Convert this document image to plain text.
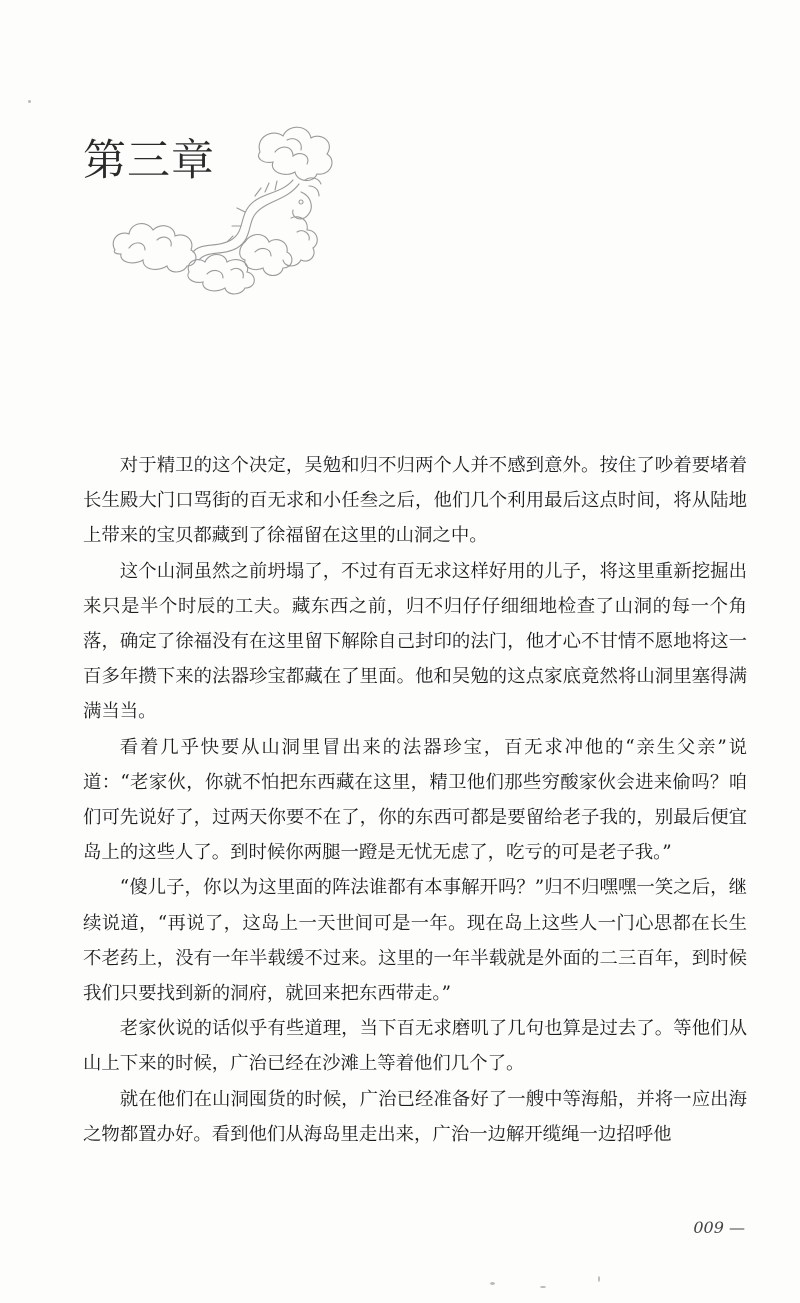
第三章

对于精卫的这个决定，吴勉和归不归两个人并不感到意外。按住了吵着要堵着长生殿大门口骂街的百无求和小任叁之后，他们几个利用最后这点时间，将从陆地上带来的宝贝都藏到了徐福留在这里的山洞之中。

这个山洞虽然之前坍塌了，不过有百无求这样好用的儿子，将这里重新挖掘出来只是半个时辰的工夫。藏东西之前，归不归仔仔细细地检查了山洞的每一个角落，确定了徐福没有在这里留下解除自己封印的法门，他才心不甘情不愿地将这一百多年攒下来的法器珍宝都藏在了里面。他和吴勉的这点家底竟然将山洞里塞得满满当当。

看着几乎快要从山洞里冒出来的法器珍宝，百无求冲他的“亲生父亲”说道：“老家伙，你就不怕把东西藏在这里，精卫他们那些穷酸家伙会进来偷吗？咱们可先说好了，过两天你要不在了，你的东西可都是要留给老子我的，别最后便宜岛上的这些人了。到时候你两腿一蹬是无忧无虑了，吃亏的可是老子我。”

“傻儿子，你以为这里面的阵法谁都有本事解开吗？”归不归嘿嘿一笑之后，继续说道，“再说了，这岛上一天世间可是一年。现在岛上这些人一门心思都在长生不老药上，没有一年半载缓不过来。这里的一年半载就是外面的二三百年，到时候我们只要找到新的洞府，就回来把东西带走。”

老家伙说的话似乎有些道理，当下百无求磨叽了几句也算是过去了。等他们从山上下来的时候，广治已经在沙滩上等着他们几个了。

就在他们在山洞囤货的时候，广治已经准备好了一艘中等海船，并将一应出海之物都置办好。看到他们从海岛里走出来，广治一边解开缆绳一边招呼他

009 —
